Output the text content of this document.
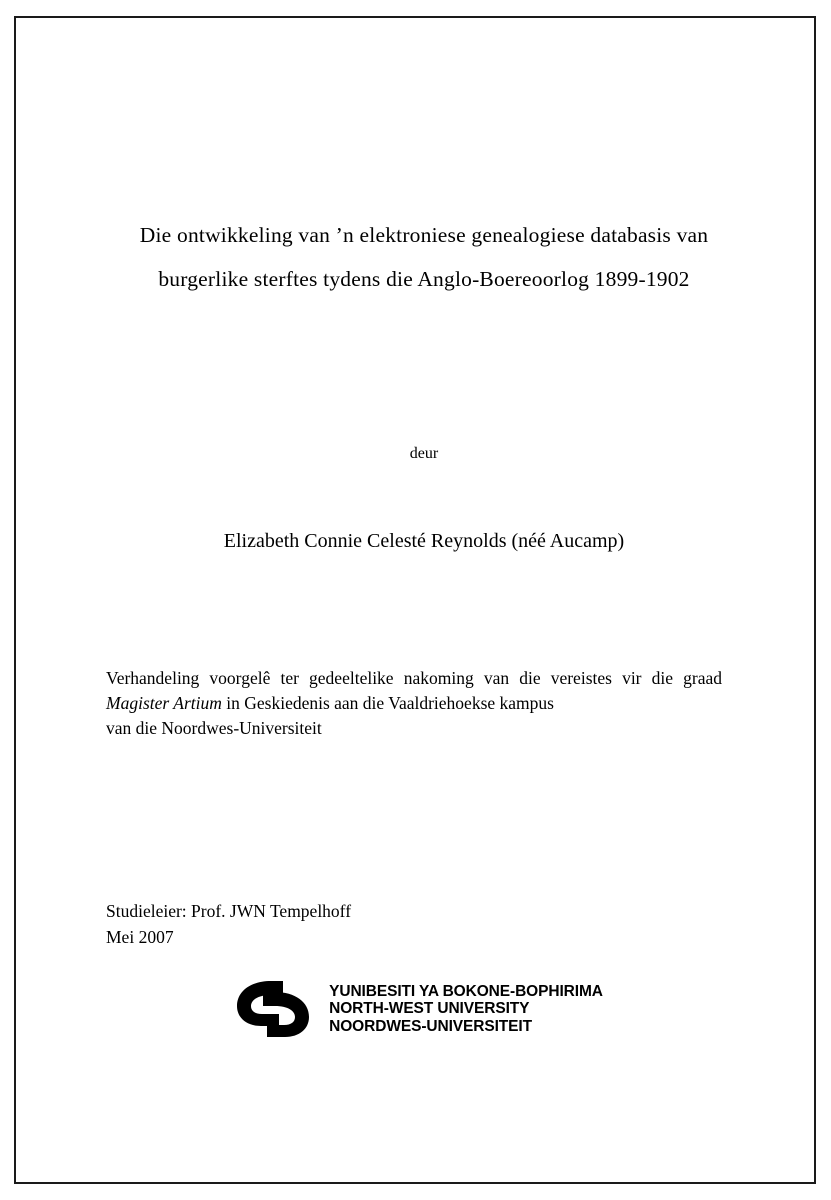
Die ontwikkeling van ’n elektroniese genealogiese databasis van
burgerlike sterftes tydens die Anglo-Boereoorlog 1899-1902
deur
Elizabeth Connie Celesté Reynolds (néé Aucamp)

Verhandeling voorgelê ter gedeeltelike nakoming van die vereistes vir die graad Magister Artium in Geskiedenis aan die Vaaldriehoekse kampus

van die Noordwes-Universiteit

Studieleier: Prof. JWN Tempelhoff

Mei 2007

YUNIBESITI YA BOKONE-BOPHIRIMA
NORTH-WEST UNIVERSITY
NOORDWES-UNIVERSITEIT
